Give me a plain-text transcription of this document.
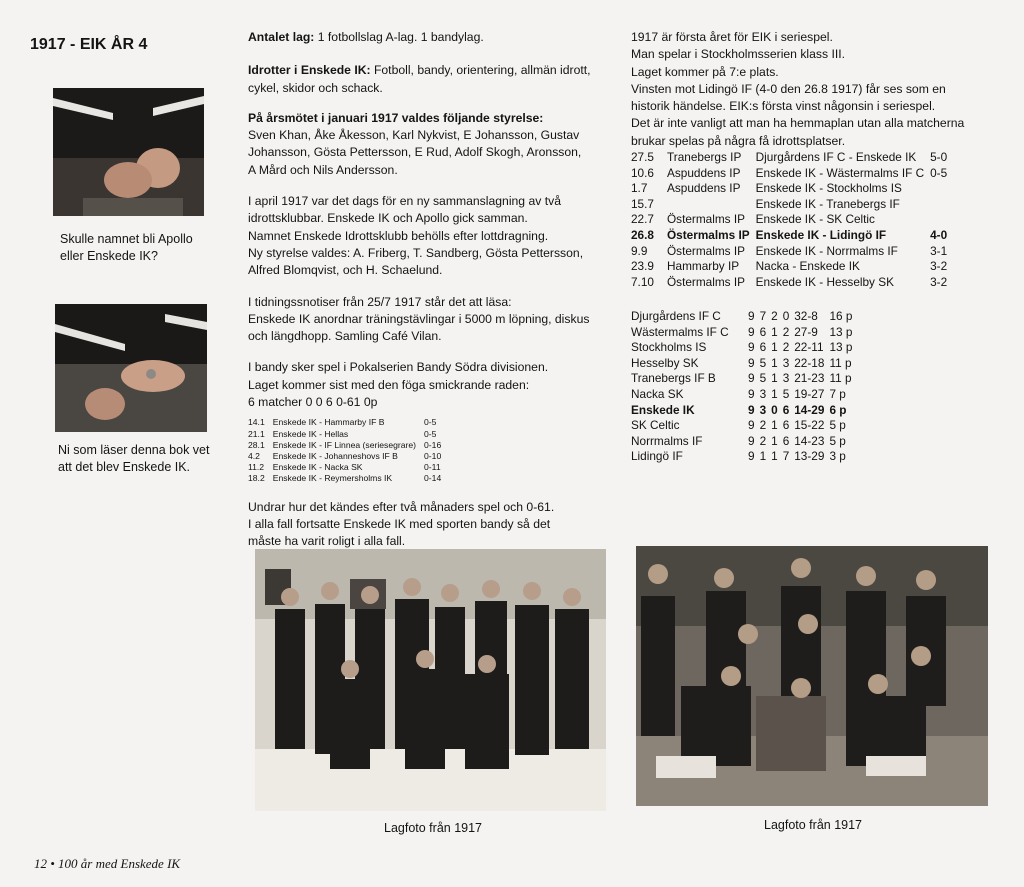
1917 - EIK ÅR 4
Skulle namnet bli Apollo
eller Enskede IK?
Ni som läser denna bok vet
att det blev Enskede IK.
Antalet lag: 1 fotbollslag A-lag. 1 bandylag.
Idrotter i Enskede IK: Fotboll, bandy, orientering, allmän idrott,
cykel, skidor och schack.
På årsmötet i januari 1917 valdes följande styrelse:
Sven Khan, Åke Åkesson, Karl Nykvist, E Johansson, Gustav
Johansson, Gösta Pettersson, E Rud, Adolf Skogh, Aronsson,
A Mård och Nils Andersson.
I april 1917 var det dags för en ny sammanslagning av två
idrottsklubbar. Enskede IK och Apollo gick samman.
Namnet Enskede Idrottsklubb behölls efter lottdragning.
Ny styrelse valdes: A. Friberg, T. Sandberg, Gösta Pettersson,
Alfred Blomqvist, och H. Schaelund.
I tidningssnotiser från 25/7 1917 står det att läsa:
Enskede IK anordnar träningstävlingar i 5000 m löpning, diskus
och längdhopp. Samling Café Vilan.
I bandy sker spel i Pokalserien Bandy Södra divisionen.
Laget kommer sist med den föga smickrande raden:
6 matcher 0 0 6 0-61 0p
14.1	Enskede IK - Hammarby IF B	0-5
21.1	Enskede IK - Hellas	0-5
28.1	Enskede IK - IF Linnea (seriesegrare)	0-16
4.2	Enskede IK - Johanneshovs IF B	0-10
11.2	Enskede IK - Nacka SK	0-11
18.2	Enskede IK - Reymersholms IK	0-14
Undrar hur det kändes efter två månaders spel och 0-61.
I alla fall fortsatte Enskede IK med sporten bandy så det
måste ha varit roligt i alla fall.
Lagfoto från 1917
1917 är första året för EIK i seriespel.
Man spelar i Stockholmsserien klass III.
Laget kommer på 7:e plats.
Vinsten mot Lidingö IF (4-0 den 26.8 1917) får ses som en
historik händelse. EIK:s första vinst någonsin i seriespel.
Det är inte vanligt att man ha hemmaplan utan alla matcherna
brukar spelas på några få idrottsplatser.
27.5	Tranebergs IP	Djurgårdens IF C - Enskede IK	5-0
10.6	Aspuddens IP	Enskede IK - Wästermalms IF C	0-5
1.7	Aspuddens IP	Enskede IK - Stockholms IS	
15.7		Enskede IK - Tranebergs IF	
22.7	Östermalms IP	Enskede IK - SK Celtic	
26.8	Östermalms IP	Enskede IK - Lidingö IF	4-0
9.9	Östermalms IP	Enskede IK - Norrmalms IF	3-1
23.9	Hammarby IP	Nacka - Enskede IK	3-2
7.10	Östermalms IP	Enskede IK - Hesselby SK	3-2
Djurgårdens IF C	9	7	2	0	32-8	16 p
Wästermalms IF C	9	6	1	2	27-9	13 p
Stockholms IS	9	6	1	2	22-11	13 p
Hesselby SK	9	5	1	3	22-18	11 p
Tranebergs IF B	9	5	1	3	21-23	11 p
Nacka SK	9	3	1	5	19-27	7 p
Enskede IK	9	3	0	6	14-29	6 p
SK Celtic	9	2	1	6	15-22	5 p
Norrmalms IF	9	2	1	6	14-23	5 p
Lidingö IF	9	1	1	7	13-29	3 p
Lagfoto från 1917
12 • 100 år med Enskede IK
